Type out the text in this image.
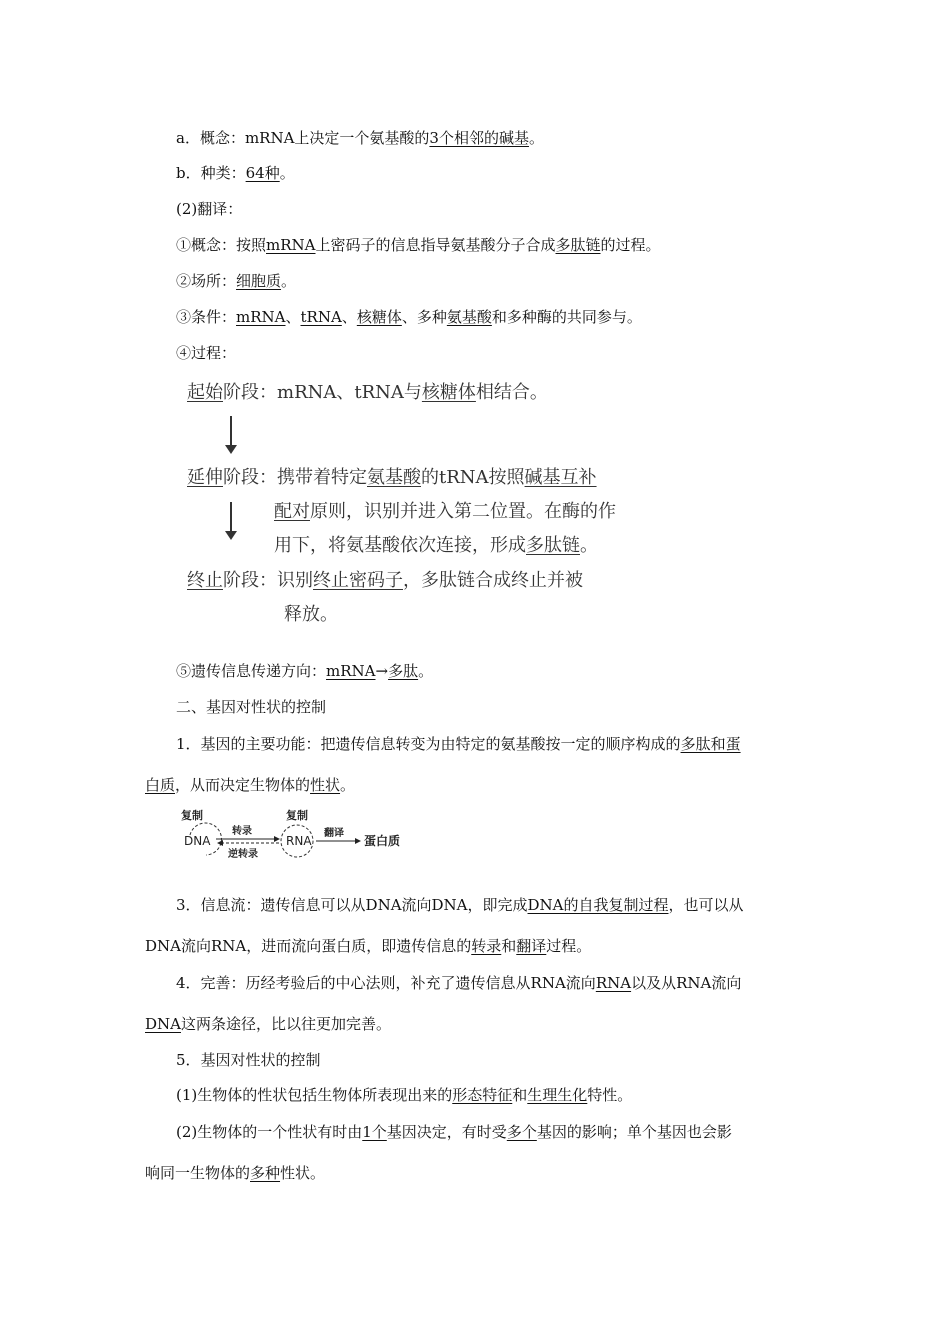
a．概念：mRNA上决定一个氨基酸的3个相邻的碱基。
b．种类：64种。
(2)翻译：
①概念：按照mRNA上密码子的信息指导氨基酸分子合成多肽链的过程。
②场所：细胞质。
③条件：mRNA、tRNA、核糖体、多种氨基酸和多种酶的共同参与。
④过程：
起始阶段：mRNA、tRNA与核糖体相结合。
延伸阶段：携带着特定氨基酸的tRNA按照碱基互补
配对原则，识别并进入第二位置。在酶的作
用下，将氨基酸依次连接，形成多肽链。
终止阶段：识别终止密码子，多肽链合成终止并被
释放。
⑤遗传信息传递方向：mRNA→多肽。
二、基因对性状的控制
1．基因的主要功能：把遗传信息转变为由特定的氨基酸按一定的顺序构成的多肽和蛋
白质，从而决定生物体的性状。
复制
DNA
转录
逆转录
复制
RNA
翻译
蛋白质
3．信息流：遗传信息可以从DNA流向DNA，即完成DNA的自我复制过程，也可以从
DNA流向RNA，进而流向蛋白质，即遗传信息的转录和翻译过程。
4．完善：历经考验后的中心法则，补充了遗传信息从RNA流向RNA以及从RNA流向
DNA这两条途径，比以往更加完善。
5．基因对性状的控制
(1)生物体的性状包括生物体所表现出来的形态特征和生理生化特性。
(2)生物体的一个性状有时由1个基因决定，有时受多个基因的影响；单个基因也会影
响同一生物体的多种性状。
